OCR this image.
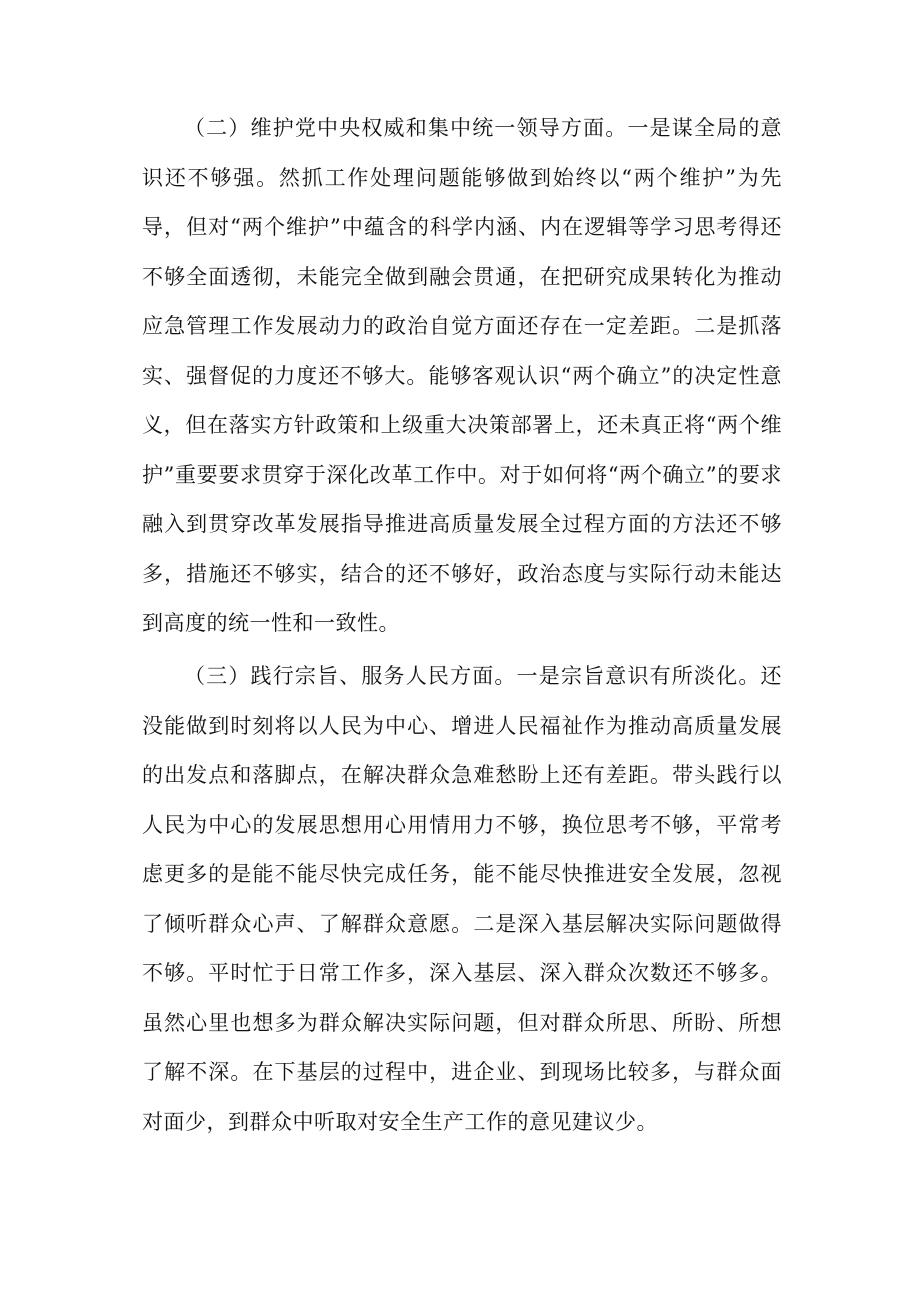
（二）维护党中央权威和集中统一领导方面。一是谋全局的意识还不够强。然抓工作处理问题能够做到始终以“两个维护”为先导，但对“两个维护”中蕴含的科学内涵、内在逻辑等学习思考得还不够全面透彻，未能完全做到融会贯通，在把研究成果转化为推动应急管理工作发展动力的政治自觉方面还存在一定差距。二是抓落实、强督促的力度还不够大。能够客观认识“两个确立”的决定性意义，但在落实方针政策和上级重大决策部署上，还未真正将“两个维护”重要要求贯穿于深化改革工作中。对于如何将“两个确立”的要求融入到贯穿改革发展指导推进高质量发展全过程方面的方法还不够多，措施还不够实，结合的还不够好，政治态度与实际行动未能达到高度的统一性和一致性。

（三）践行宗旨、服务人民方面。一是宗旨意识有所淡化。还没能做到时刻将以人民为中心、增进人民福祉作为推动高质量发展的出发点和落脚点，在解决群众急难愁盼上还有差距。带头践行以人民为中心的发展思想用心用情用力不够，换位思考不够，平常考虑更多的是能不能尽快完成任务，能不能尽快推进安全发展，忽视了倾听群众心声、了解群众意愿。二是深入基层解决实际问题做得不够。平时忙于日常工作多，深入基层、深入群众次数还不够多。虽然心里也想多为群众解决实际问题，但对群众所思、所盼、所想了解不深。在下基层的过程中，进企业、到现场比较多，与群众面对面少，到群众中听取对安全生产工作的意见建议少。
